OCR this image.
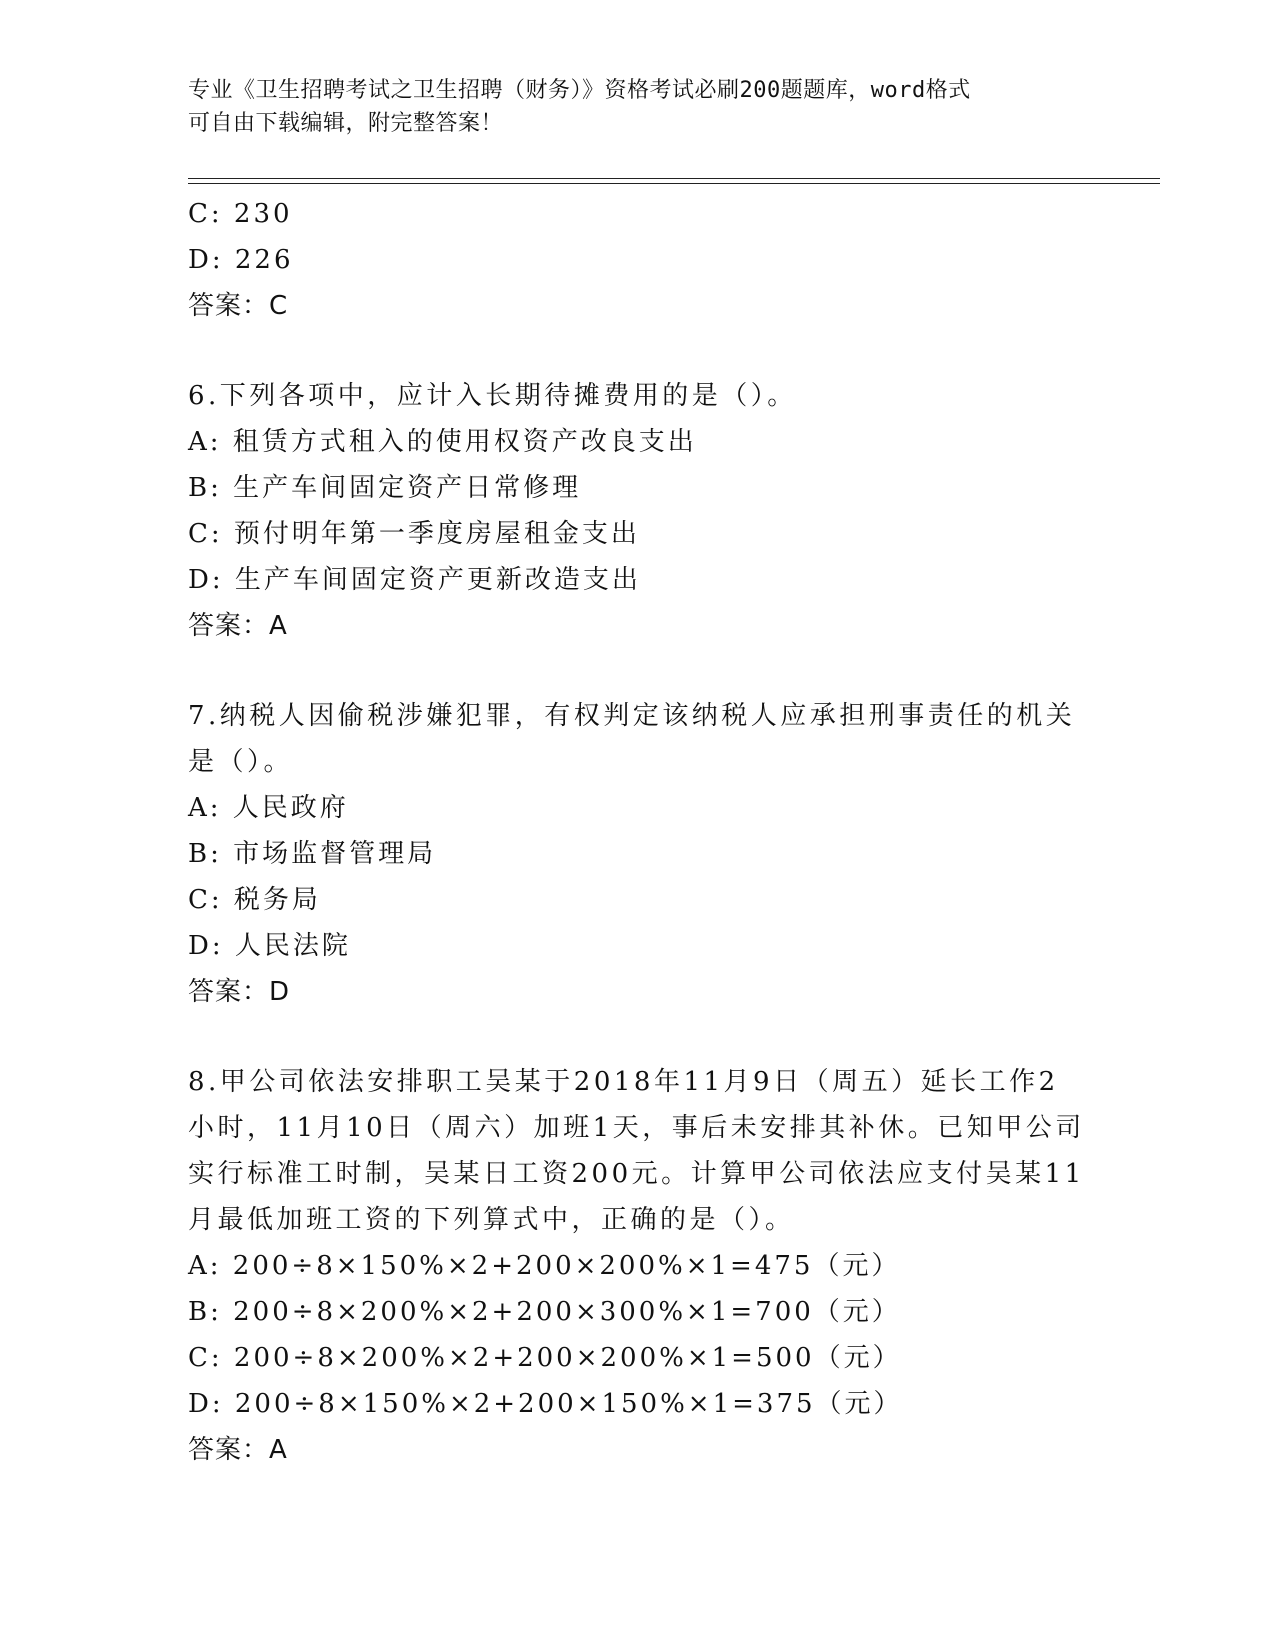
专业《卫生招聘考试之卫生招聘（财务）》资格考试必刷200题题库，word格式
可自由下载编辑，附完整答案！
C: 230
D: 226
答案：C
6.下列各项中，应计入长期待摊费用的是（）。
A: 租赁方式租入的使用权资产改良支出
B: 生产车间固定资产日常修理
C: 预付明年第一季度房屋租金支出
D: 生产车间固定资产更新改造支出
答案：A
7.纳税人因偷税涉嫌犯罪，有权判定该纳税人应承担刑事责任的机关
是（）。
A: 人民政府
B: 市场监督管理局
C: 税务局
D: 人民法院
答案：D
8.甲公司依法安排职工吴某于2018年11月9日（周五）延长工作2
小时，11月10日（周六）加班1天，事后未安排其补休。已知甲公司
实行标准工时制，吴某日工资200元。计算甲公司依法应支付吴某11
月最低加班工资的下列算式中，正确的是（）。
A: 200÷8×150%×2+200×200%×1=475（元）
B: 200÷8×200%×2+200×300%×1=700（元）
C: 200÷8×200%×2+200×200%×1=500（元）
D: 200÷8×150%×2+200×150%×1=375（元）
答案：A
